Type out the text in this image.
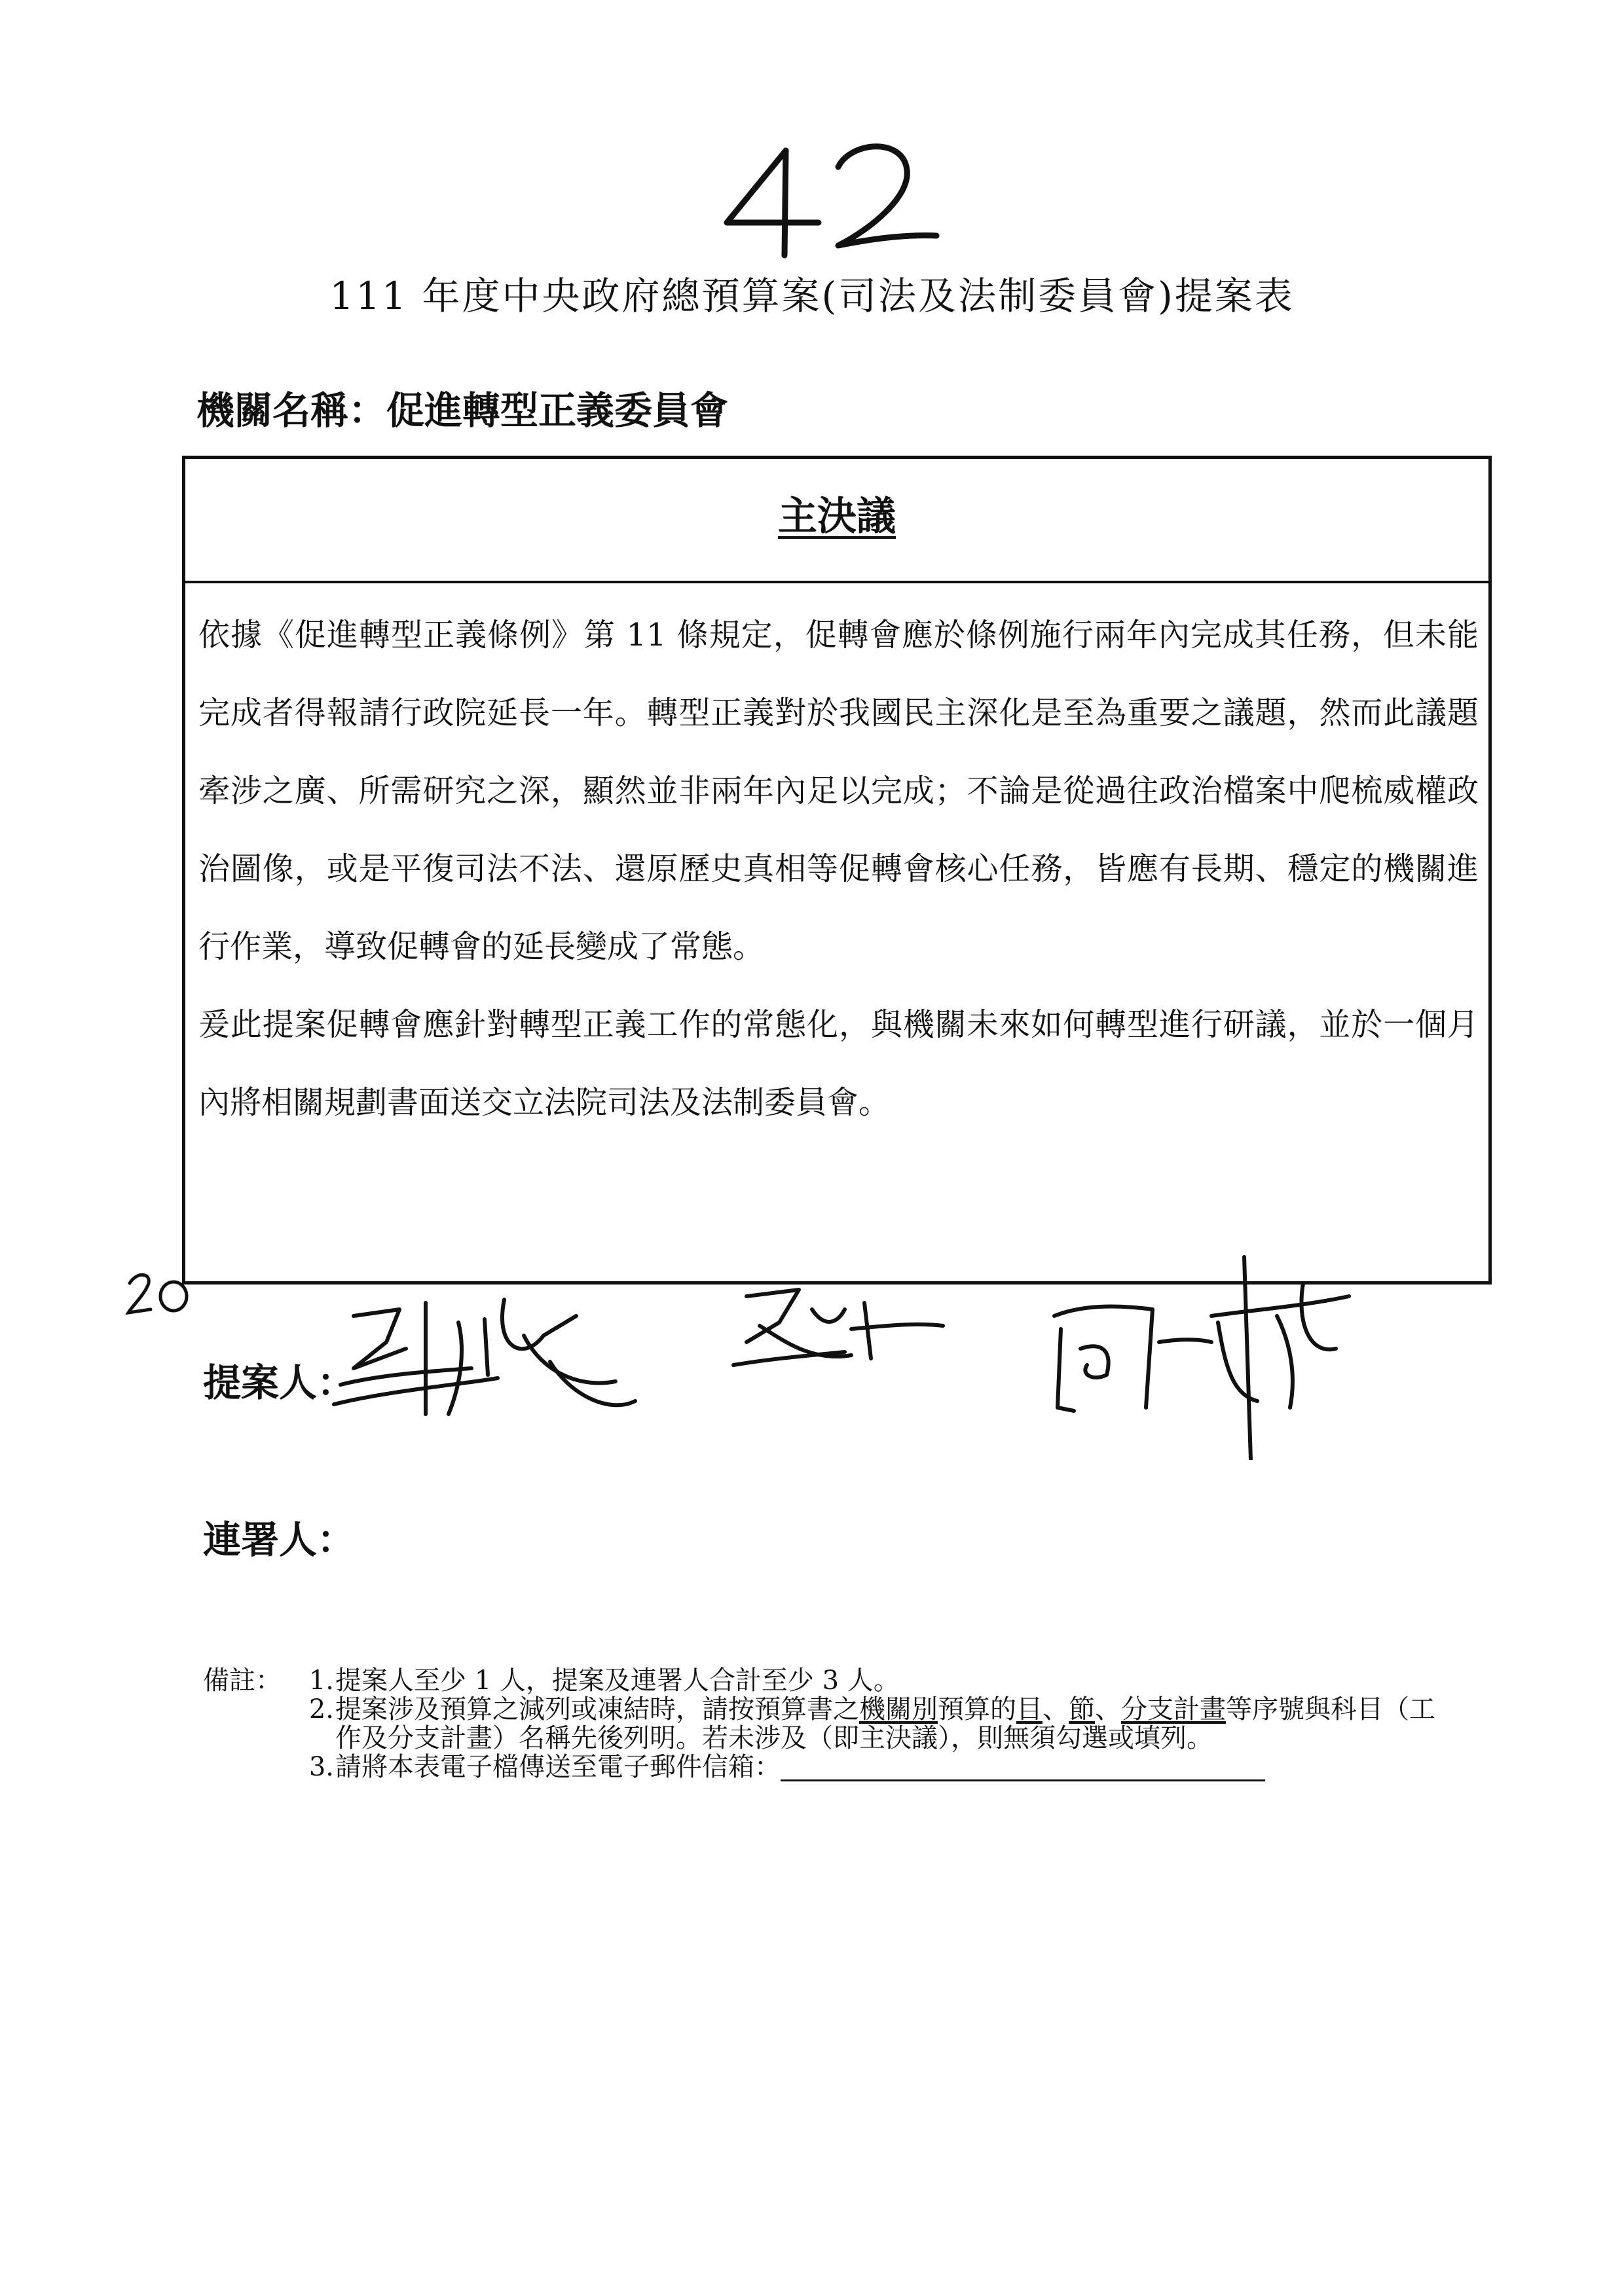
111 年度中央政府總預算案(司法及法制委員會)提案表
機關名稱：促進轉型正義委員會
主決議

依據《促進轉型正義條例》第 11 條規定，促轉會應於條例施行兩年內完成其任務，但未能完成者得報請行政院延長一年。轉型正義對於我國民主深化是至為重要之議題，然而此議題牽涉之廣、所需研究之深，顯然並非兩年內足以完成；不論是從過往政治檔案中爬梳威權政治圖像，或是平復司法不法、還原歷史真相等促轉會核心任務，皆應有長期、穩定的機關進行作業，導致促轉會的延長變成了常態。

爰此提案促轉會應針對轉型正義工作的常態化，與機關未來如何轉型進行研議，並於一個月內將相關規劃書面送交立法院司法及法制委員會。

提案人：
連署人：
備註：	1. 提案人至少 1 人，提案及連署人合計至少 3 人。
2. 提案涉及預算之減列或凍結時，請按預算書之機關別預算的目、節、分支計畫等序號與科目（工作及分支計畫）名稱先後列明。若未涉及（即主決議），則無須勾選或填列。
3. 請將本表電子檔傳送至電子郵件信箱：
